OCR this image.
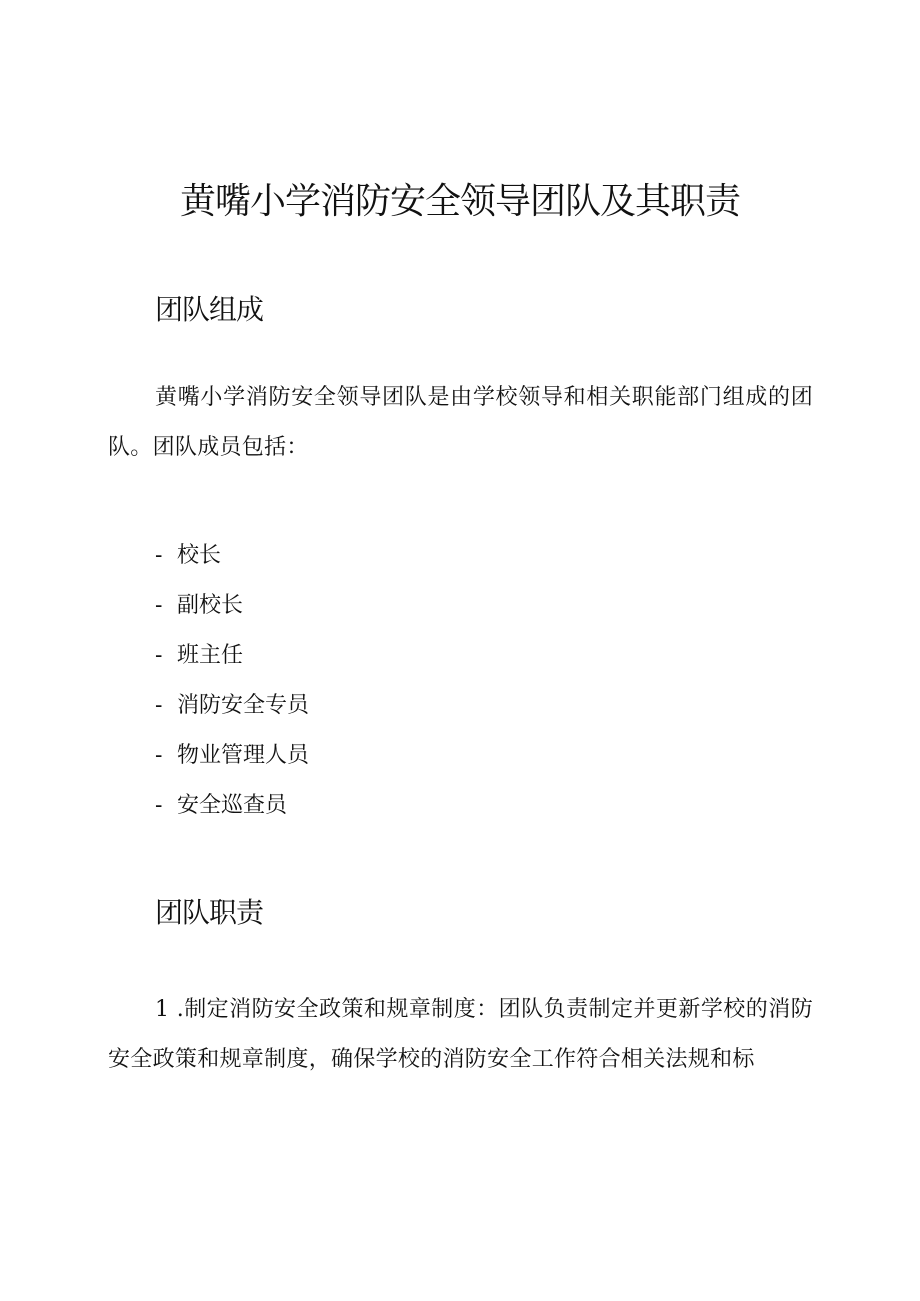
黄嘴小学消防安全领导团队及其职责
团队组成

黄嘴小学消防安全领导团队是由学校领导和相关职能部门组成的团队。团队成员包括：

- 校长
- 副校长
- 班主任
- 消防安全专员
- 物业管理人员
- 安全巡查员
团队职责

1 .制定消防安全政策和规章制度：团队负责制定并更新学校的消防安全政策和规章制度，确保学校的消防安全工作符合相关法规和标
